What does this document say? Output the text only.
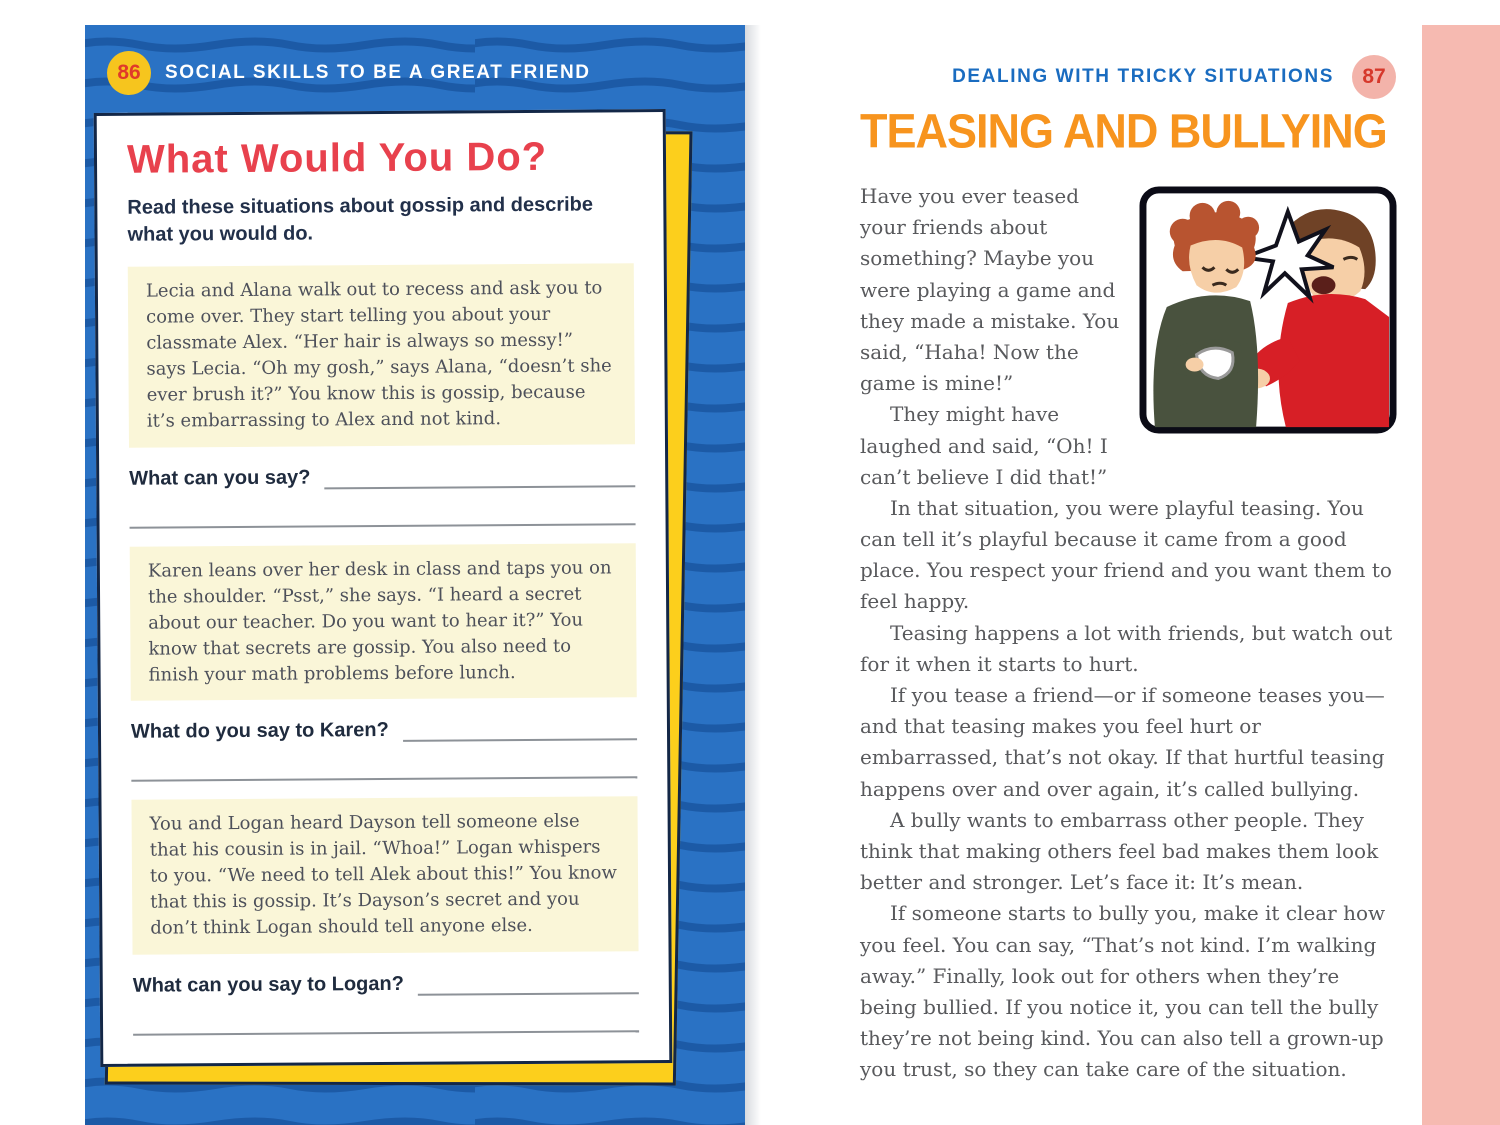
86	SOCIAL SKILLS TO BE A GREAT FRIEND
What Would You Do?
Read these situations about gossip and describe what you would do.
Lecia and Alana walk out to recess and ask you to come over. They start telling you about your classmate Alex. “Her hair is always so messy!” says Lecia. “Oh my gosh,” says Alana, “doesn’t she ever brush it?” You know this is gossip, because it’s embarrassing to Alex and not kind.
What can you say?
Karen leans over her desk in class and taps you on the shoulder. “Psst,” she says. “I heard a secret about our teacher. Do you want to hear it?” You know that secrets are gossip. You also need to finish your math problems before lunch.
What do you say to Karen?
You and Logan heard Dayson tell someone else that his cousin is in jail. “Whoa!” Logan whispers to you. “We need to tell Alek about this!” You know that this is gossip. It’s Dayson’s secret and you don’t think Logan should tell anyone else.
What can you say to Logan?
DEALING WITH TRICKY SITUATIONS	87
TEASING AND BULLYING

Have you ever teased your friends about something? Maybe you were playing a game and they made a mistake. You said, “Haha! Now the game is mine!”

They might have laughed and said, “Oh! I can’t believe I did that!”

In that situation, you were playful teasing. You can tell it’s playful because it came from a good place. You respect your friend and you want them to feel happy.

Teasing happens a lot with friends, but watch out for it when it starts to hurt.

If you tease a friend—or if someone teases you—and that teasing makes you feel hurt or embarrassed, that’s not okay. If that hurtful teasing happens over and over again, it’s called bullying.

A bully wants to embarrass other people. They think that making others feel bad makes them look better and stronger. Let’s face it: It’s mean.

If someone starts to bully you, make it clear how you feel. You can say, “That’s not kind. I’m walking away.” Finally, look out for others when they’re being bullied. If you notice it, you can tell the bully they’re not being kind. You can also tell a grown-up you trust, so they can take care of the situation.
